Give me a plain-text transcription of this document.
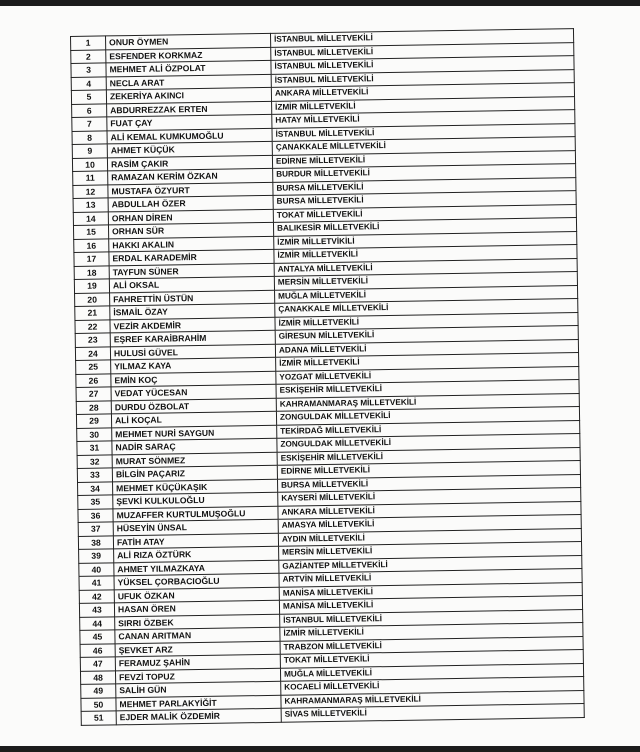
1	ONUR ÖYMEN	İSTANBUL MİLLETVEKİLİ
2	ESFENDER KORKMAZ	İSTANBUL MİLLETVEKİLİ
3	MEHMET ALİ ÖZPOLAT	İSTANBUL MİLLETVEKİLİ
4	NECLA ARAT	İSTANBUL MİLLETVEKİLİ
5	ZEKERİYA AKINCI	ANKARA MİLLETVEKİLİ
6	ABDURREZZAK ERTEN	İZMİR MİLLETVEKİLİ
7	FUAT ÇAY	HATAY MİLLETVEKİLİ
8	ALİ KEMAL KUMKUMOĞLU	İSTANBUL MİLLETVEKİLİ
9	AHMET KÜÇÜK	ÇANAKKALE MİLLETVEKİLİ
10	RASİM ÇAKIR	EDİRNE MİLLETVEKİLİ
11	RAMAZAN KERİM ÖZKAN	BURDUR MİLLETVEKİLİ
12	MUSTAFA ÖZYURT	BURSA MİLLETVEKİLİ
13	ABDULLAH ÖZER	BURSA MİLLETVEKİLİ
14	ORHAN DİREN	TOKAT MİLLETVEKİLİ
15	ORHAN SÜR	BALIKESİR MİLLETVEKİLİ
16	HAKKI AKALIN	İZMİR MİLLETVİKİLİ
17	ERDAL KARADEMİR	İZMİR MİLLETVEKİLİ
18	TAYFUN SÜNER	ANTALYA MİLLETVEKİLİ
19	ALİ OKSAL	MERSİN MİLLETVEKİLİ
20	FAHRETTİN ÜSTÜN	MUĞLA MİLLETVEKİLİ
21	İSMAİL ÖZAY	ÇANAKKALE MİLLETVEKİLİ
22	VEZİR AKDEMİR	İZMİR MİLLETVEKİLİ
23	EŞREF KARAİBRAHİM	GİRESUN MİLLETVEKİLİ
24	HULUSİ GÜVEL	ADANA MİLLETVEKİLİ
25	YILMAZ KAYA	İZMİR MİLLETVEKİLİ
26	EMİN KOÇ	YOZGAT MİLLETVEKİLİ
27	VEDAT YÜCESAN	ESKİŞEHİR MİLLETVEKİLİ
28	DURDU ÖZBOLAT	KAHRAMANMARAŞ MİLLETVEKİLİ
29	ALİ KOÇAL	ZONGULDAK MİLLETVEKİLİ
30	MEHMET NURİ SAYGUN	TEKİRDAĞ MİLLETVEKİLİ
31	NADİR SARAÇ	ZONGULDAK MİLLETVEKİLİ
32	MURAT SÖNMEZ	ESKİŞEHİR MİLLETVEKİLİ
33	BİLGİN PAÇARIZ	EDİRNE MİLLETVEKİLİ
34	MEHMET KÜÇÜKAŞIK	BURSA MİLLETVEKİLİ
35	ŞEVKİ KULKULOĞLU	KAYSERİ MİLLETVEKİLİ
36	MUZAFFER KURTULMUŞOĞLU	ANKARA MİLLETVEKİLİ
37	HÜSEYİN ÜNSAL	AMASYA MİLLETVEKİLİ
38	FATİH ATAY	AYDIN MİLLETVEKİLİ
39	ALİ RIZA ÖZTÜRK	MERSİN MİLLETVEKİLİ
40	AHMET YILMAZKAYA	GAZİANTEP MİLLETVEKİLİ
41	YÜKSEL ÇORBACIOĞLU	ARTVİN MİLLETVEKİLİ
42	UFUK ÖZKAN	MANİSA MİLLETVEKİLİ
43	HASAN ÖREN	MANİSA MİLLETVEKİLİ
44	SIRRI ÖZBEK	İSTANBUL MİLLETVEKİLİ
45	CANAN ARITMAN	İZMİR MİLLETVEKİLİ
46	ŞEVKET ARZ	TRABZON MİLLETVEKİLİ
47	FERAMUZ ŞAHİN	TOKAT MİLLETVEKİLİ
48	FEVZİ TOPUZ	MUĞLA MİLLETVEKİLİ
49	SALİH GÜN	KOCAELİ MİLLETVEKİLİ
50	MEHMET PARLAKYİĞİT	KAHRAMANMARAŞ MİLLETVEKİLİ
51	EJDER MALİK ÖZDEMİR	SİVAS MİLLETVEKİLİ
